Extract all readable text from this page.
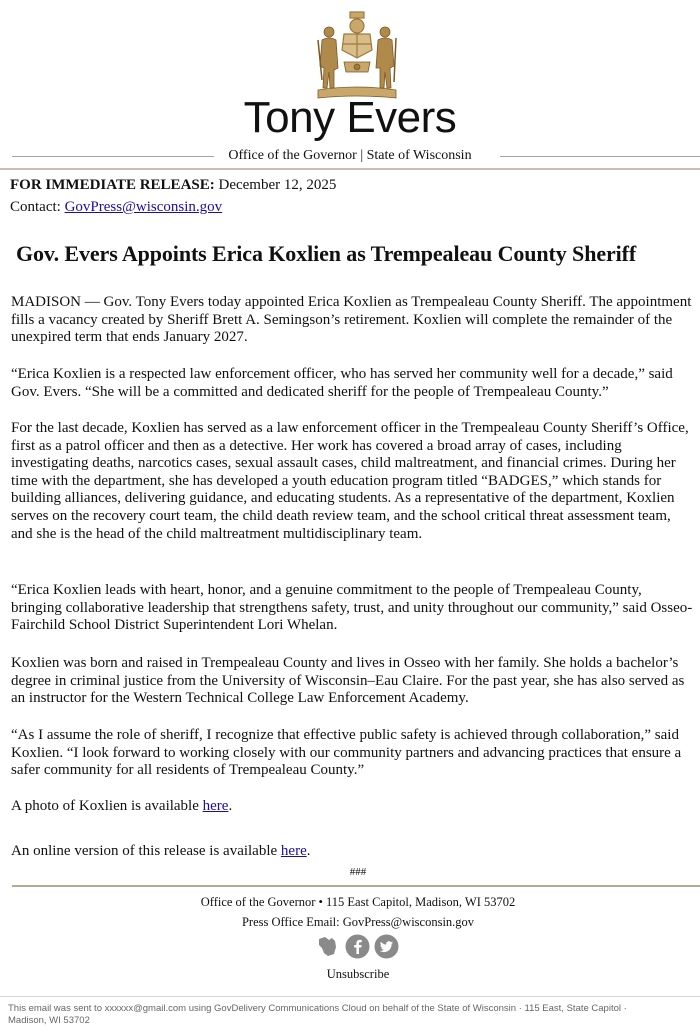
Tony Evers
Office of the Governor | State of Wisconsin
FOR IMMEDIATE RELEASE: December 12, 2025
Contact: GovPress@wisconsin.gov
Gov. Evers Appoints Erica Koxlien as Trempealeau County Sheriff

MADISON — Gov. Tony Evers today appointed Erica Koxlien as Trempealeau County Sheriff. The appointment fills a vacancy created by Sheriff Brett A. Semingson’s retirement. Koxlien will complete the remainder of the unexpired term that ends January 2027.

“Erica Koxlien is a respected law enforcement officer, who has served her community well for a decade,” said Gov. Evers. “She will be a committed and dedicated sheriff for the people of Trempealeau County.”

For the last decade, Koxlien has served as a law enforcement officer in the Trempealeau County Sheriff’s Office, first as a patrol officer and then as a detective. Her work has covered a broad array of cases, including investigating deaths, narcotics cases, sexual assault cases, child maltreatment, and financial crimes. During her time with the department, she has developed a youth education program titled “BADGES,” which stands for building alliances, delivering guidance, and educating students. As a representative of the department, Koxlien serves on the recovery court team, the child death review team, and the school critical threat assessment team, and she is the head of the child maltreatment multidisciplinary team.

“Erica Koxlien leads with heart, honor, and a genuine commitment to the people of Trempealeau County, bringing collaborative leadership that strengthens safety, trust, and unity throughout our community,” said Osseo-Fairchild School District Superintendent Lori Whelan.

Koxlien was born and raised in Trempealeau County and lives in Osseo with her family. She holds a bachelor’s degree in criminal justice from the University of Wisconsin–Eau Claire. For the past year, she has also served as an instructor for the Western Technical College Law Enforcement Academy.

“As I assume the role of sheriff, I recognize that effective public safety is achieved through collaboration,” said Koxlien. “I look forward to working closely with our community partners and advancing practices that ensure a safer community for all residents of Trempealeau County.”

A photo of Koxlien is available here.

An online version of this release is available here.

###
Office of the Governor • 115 East Capitol, Madison, WI 53702
Press Office Email: GovPress@wisconsin.gov
Unsubscribe
This email was sent to xxxxxx@gmail.com using GovDelivery Communications Cloud on behalf of the State of Wisconsin · 115 East, State Capitol · Madison, WI 53702
